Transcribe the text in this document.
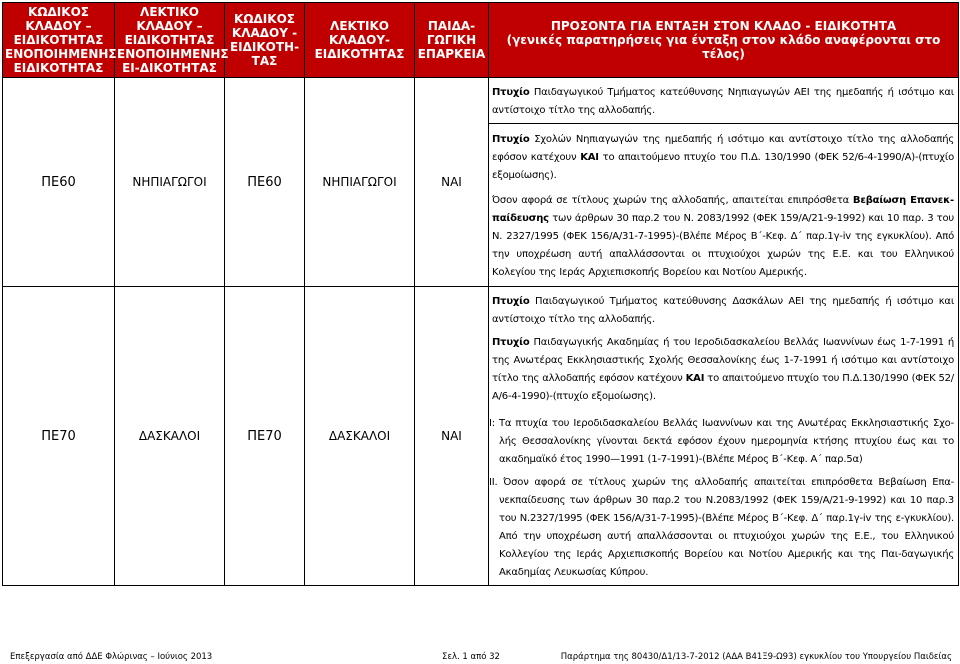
ΚΩΔΙΚΟΣ ΚΛΑΔΟΥ – ΕΙΔΙΚΟΤΗΤΑΣ ΕΝΟΠΟΙΗΜΕΝΗΣ ΕΙΔΙΚΟΤΗΤΑΣ	ΛΕΚΤΙΚΟ ΚΛΑΔΟΥ – ΕΙΔΙΚΟΤΗΤΑΣ ΕΝΟΠΟΙΗΜΕΝΗΣ ΕΙ-ΔΙΚΟΤΗΤΑΣ	ΚΩΔΙΚΟΣ ΚΛΑΔΟΥ - ΕΙΔΙΚΟΤΗ-ΤΑΣ	ΛΕΚΤΙΚΟ ΚΛΑΔΟΥ-ΕΙΔΙΚΟΤΗΤΑΣ	ΠΑΙΔΑ-ΓΩΓΙΚΗ ΕΠΑΡΚΕΙΑ	ΠΡΟΣΟΝΤΑ ΓΙΑ ΕΝΤΑΞΗ ΣΤΟΝ ΚΛΑΔΟ - ΕΙΔΙΚΟΤΗΤΑ
(γενικές παρατηρήσεις για ένταξη στον κλάδο αναφέρονται στο τέλος)

ΠΕ60	ΝΗΠΙΑΓΩΓΟΙ	ΠΕ60	ΝΗΠΙΑΓΩΓΟΙ	ΝΑΙ	Πτυχίο Παιδαγωγικού Τμήματος κατεύθυνσης Νηπιαγωγών ΑΕΙ της ημεδαπής ή ισότιμο και αντίστοιχο τίτλο της αλλοδαπής.
Πτυχίο Σχολών Νηπιαγωγών της ημεδαπής ή ισότιμο και αντίστοιχο τίτλο της αλλοδαπής εφόσον κατέχουν ΚΑΙ το απαιτούμενο πτυχίο του Π.Δ. 130/1990 (ΦΕΚ 52/6-4-1990/Α)-(πτυχίο εξομοίωσης).
Όσον αφορά σε τίτλους χωρών της αλλοδαπής, απαιτείται επιπρόσθετα Βεβαίωση Επανεκ-παίδευσης των άρθρων 30 παρ.2 του Ν. 2083/1992 (ΦΕΚ 159/Α/21-9-1992) και 10 παρ. 3 του Ν. 2327/1995 (ΦΕΚ 156/Α/31-7-1995)-(Βλέπε Μέρος Β΄-Κεφ. Δ΄ παρ.1γ-iv της εγκυκλίου). Από την υποχρέωση αυτή απαλλάσσονται οι πτυχιούχοι χωρών της Ε.Ε. και του Ελληνικού Κολεγίου της Ιεράς Αρχιεπισκοπής Βορείου και Νοτίου Αμερικής.

ΠΕ70	ΔΑΣΚΑΛΟΙ	ΠΕ70	ΔΑΣΚΑΛΟΙ	ΝΑΙ	Πτυχίο Παιδαγωγικού Τμήματος κατεύθυνσης Δασκάλων ΑΕΙ της ημεδαπής ή ισότιμο και αντίστοιχο τίτλο της αλλοδαπής.
Πτυχίο Παιδαγωγικής Ακαδημίας ή του Ιεροδιδασκαλείου Βελλάς Ιωαννίνων έως 1-7-1991 ή της Ανωτέρας Εκκλησιαστικής Σχολής Θεσσαλονίκης έως 1-7-1991 ή ισότιμο και αντίστοιχο τίτλο της αλλοδαπής εφόσον κατέχουν ΚΑΙ το απαιτούμενο πτυχίο του Π.Δ.130/1990 (ΦΕΚ 52/Α/6-4-1990)-(πτυχίο εξομοίωσης).
I: Τα πτυχία του Ιεροδιδασκαλείου Βελλάς Ιωαννίνων και της Ανωτέρας Εκκλησιαστικής Σχο-λής Θεσσαλονίκης γίνονται δεκτά εφόσον έχουν ημερομηνία κτήσης πτυχίου έως και το ακαδημαϊκό έτος 1990—1991 (1-7-1991)-(Βλέπε Μέρος Β΄-Κεφ. Α΄ παρ.5α)
II. Όσον αφορά σε τίτλους χωρών της αλλοδαπής απαιτείται επιπρόσθετα Βεβαίωση Επα-νεκπαίδευσης των άρθρων 30 παρ.2 του Ν.2083/1992 (ΦΕΚ 159/Α/21-9-1992) και 10 παρ.3 του Ν.2327/1995 (ΦΕΚ 156/Α/31-7-1995)-(Βλέπε Μέρος Β΄-Κεφ. Δ΄ παρ.1γ-iv της ε-γκυκλίου). Από την υποχρέωση αυτή απαλλάσσονται οι πτυχιούχοι χωρών της Ε.Ε., του Ελληνικού Κολλεγίου της Ιεράς Αρχιεπισκοπής Βορείου και Νοτίου Αμερικής και της Παι-δαγωγικής Ακαδημίας Λευκωσίας Κύπρου.
Επεξεργασία από ΔΔΕ Φλώρινας – Ιούνιος 2013	Σελ. 1 από 32	Παράρτημα της 80430/Δ1/13-7-2012 (ΑΔΑ Β41Ξ9-Ω93) εγκυκλίου του Υπουργείου Παιδείας
